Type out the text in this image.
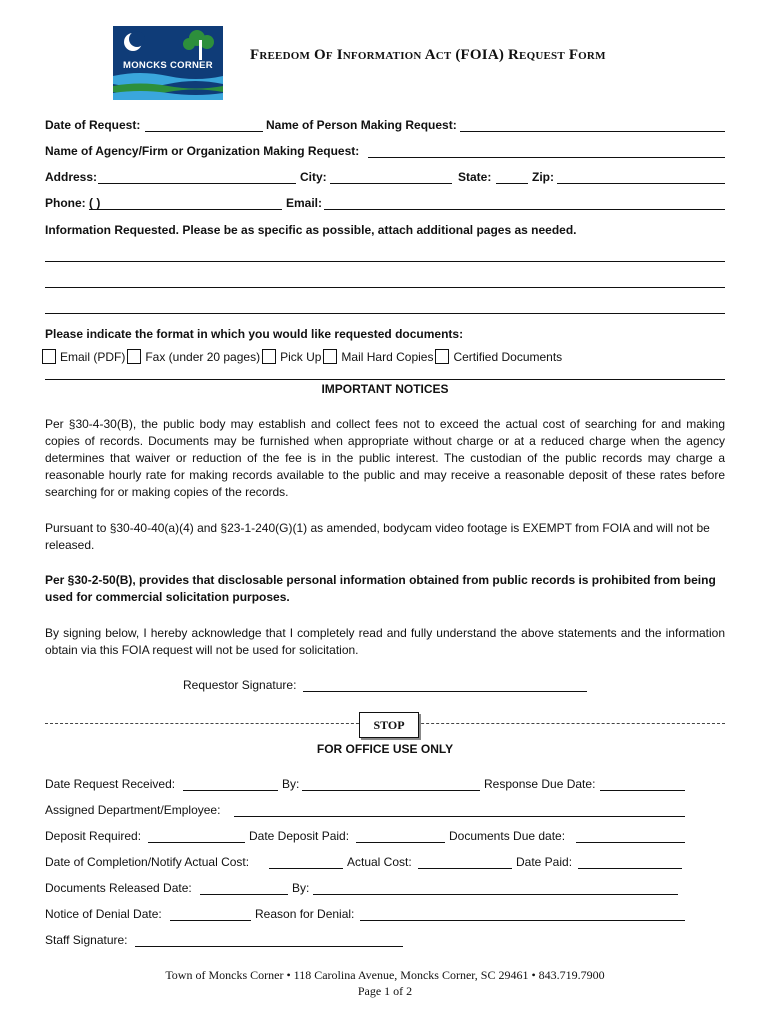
MONCKS CORNER
Freedom Of Information Act (FOIA) Request Form
Date of Request:	Name of Person Making Request:
Name of Agency/Firm or Organization Making Request:
Address:	City:	State:	Zip:
Phone: ( )	Email:
Information Requested. Please be as specific as possible, attach additional pages as needed.
Please indicate the format in which you would like requested documents:
Email (PDF) Fax (under 20 pages) Pick Up Mail Hard Copies Certified Documents
IMPORTANT NOTICES
Per §30-4-30(B), the public body may establish and collect fees not to exceed the actual cost of searching for and making copies of records. Documents may be furnished when appropriate without charge or at a reduced charge when the agency determines that waiver or reduction of the fee is in the public interest. The custodian of the public records may charge a reasonable hourly rate for making records available to the public and may receive a reasonable deposit of these rates before searching for or making copies of the records.
Pursuant to §30-40-40(a)(4) and §23-1-240(G)(1) as amended, bodycam video footage is EXEMPT from FOIA and will not be released.
Per §30-2-50(B), provides that disclosable personal information obtained from public records is prohibited from being used for commercial solicitation purposes.
By signing below, I hereby acknowledge that I completely read and fully understand the above statements and the information obtain via this FOIA request will not be used for solicitation.
Requestor Signature:
STOP
FOR OFFICE USE ONLY
Date Request Received:	By:	Response Due Date:
Assigned Department/Employee:
Deposit Required:	Date Deposit Paid:	Documents Due date:
Date of Completion/Notify Actual Cost:	Actual Cost:	Date Paid:
Documents Released Date:	By:
Notice of Denial Date:	Reason for Denial:
Staff Signature:
Town of Moncks Corner • 118 Carolina Avenue, Moncks Corner, SC 29461 • 843.719.7900
Page 1 of 2
